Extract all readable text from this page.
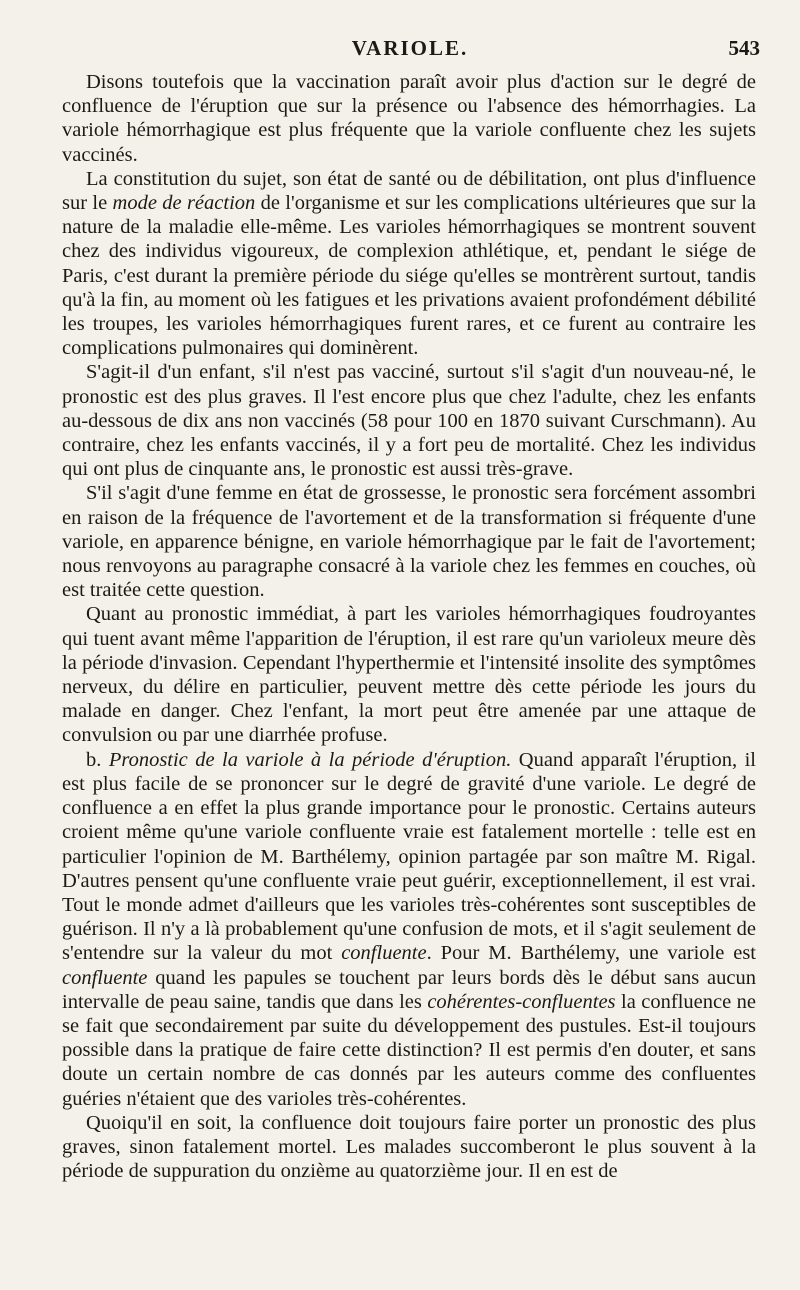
VARIOLE.	543

Disons toutefois que la vaccination paraît avoir plus d'action sur le degré de confluence de l'éruption que sur la présence ou l'absence des hémorrhagies. La variole hémorrhagique est plus fréquente que la variole confluente chez les sujets vaccinés.

La constitution du sujet, son état de santé ou de débilitation, ont plus d'influence sur le mode de réaction de l'organisme et sur les complications ultérieures que sur la nature de la maladie elle-même. Les varioles hémorrhagiques se montrent souvent chez des individus vigoureux, de complexion athlétique, et, pendant le siége de Paris, c'est durant la première période du siége qu'elles se montrèrent surtout, tandis qu'à la fin, au moment où les fatigues et les privations avaient profondément débilité les troupes, les varioles hémorrhagiques furent rares, et ce furent au contraire les complications pulmonaires qui dominèrent.

S'agit-il d'un enfant, s'il n'est pas vacciné, surtout s'il s'agit d'un nouveau-né, le pronostic est des plus graves. Il l'est encore plus que chez l'adulte, chez les enfants au-dessous de dix ans non vaccinés (58 pour 100 en 1870 suivant Curschmann). Au contraire, chez les enfants vaccinés, il y a fort peu de mortalité. Chez les individus qui ont plus de cinquante ans, le pronostic est aussi très-grave.

S'il s'agit d'une femme en état de grossesse, le pronostic sera forcément assombri en raison de la fréquence de l'avortement et de la transformation si fréquente d'une variole, en apparence bénigne, en variole hémorrhagique par le fait de l'avortement; nous renvoyons au paragraphe consacré à la variole chez les femmes en couches, où est traitée cette question.

Quant au pronostic immédiat, à part les varioles hémorrhagiques foudroyantes qui tuent avant même l'apparition de l'éruption, il est rare qu'un varioleux meure dès la période d'invasion. Cependant l'hyperthermie et l'intensité insolite des symptômes nerveux, du délire en particulier, peuvent mettre dès cette période les jours du malade en danger. Chez l'enfant, la mort peut être amenée par une attaque de convulsion ou par une diarrhée profuse.

b. Pronostic de la variole à la période d'éruption. Quand apparaît l'éruption, il est plus facile de se prononcer sur le degré de gravité d'une variole. Le degré de confluence a en effet la plus grande importance pour le pronostic. Certains auteurs croient même qu'une variole confluente vraie est fatalement mortelle : telle est en particulier l'opinion de M. Barthélemy, opinion partagée par son maître M. Rigal. D'autres pensent qu'une confluente vraie peut guérir, exceptionnellement, il est vrai. Tout le monde admet d'ailleurs que les varioles très-cohérentes sont susceptibles de guérison. Il n'y a là probablement qu'une confusion de mots, et il s'agit seulement de s'entendre sur la valeur du mot confluente. Pour M. Barthélemy, une variole est confluente quand les papules se touchent par leurs bords dès le début sans aucun intervalle de peau saine, tandis que dans les cohérentes-confluentes la confluence ne se fait que secondairement par suite du développement des pustules. Est-il toujours possible dans la pratique de faire cette distinction? Il est permis d'en douter, et sans doute un certain nombre de cas donnés par les auteurs comme des confluentes guéries n'étaient que des varioles très-cohérentes.

Quoiqu'il en soit, la confluence doit toujours faire porter un pronostic des plus graves, sinon fatalement mortel. Les malades succomberont le plus souvent à la période de suppuration du onzième au quatorzième jour. Il en est de
